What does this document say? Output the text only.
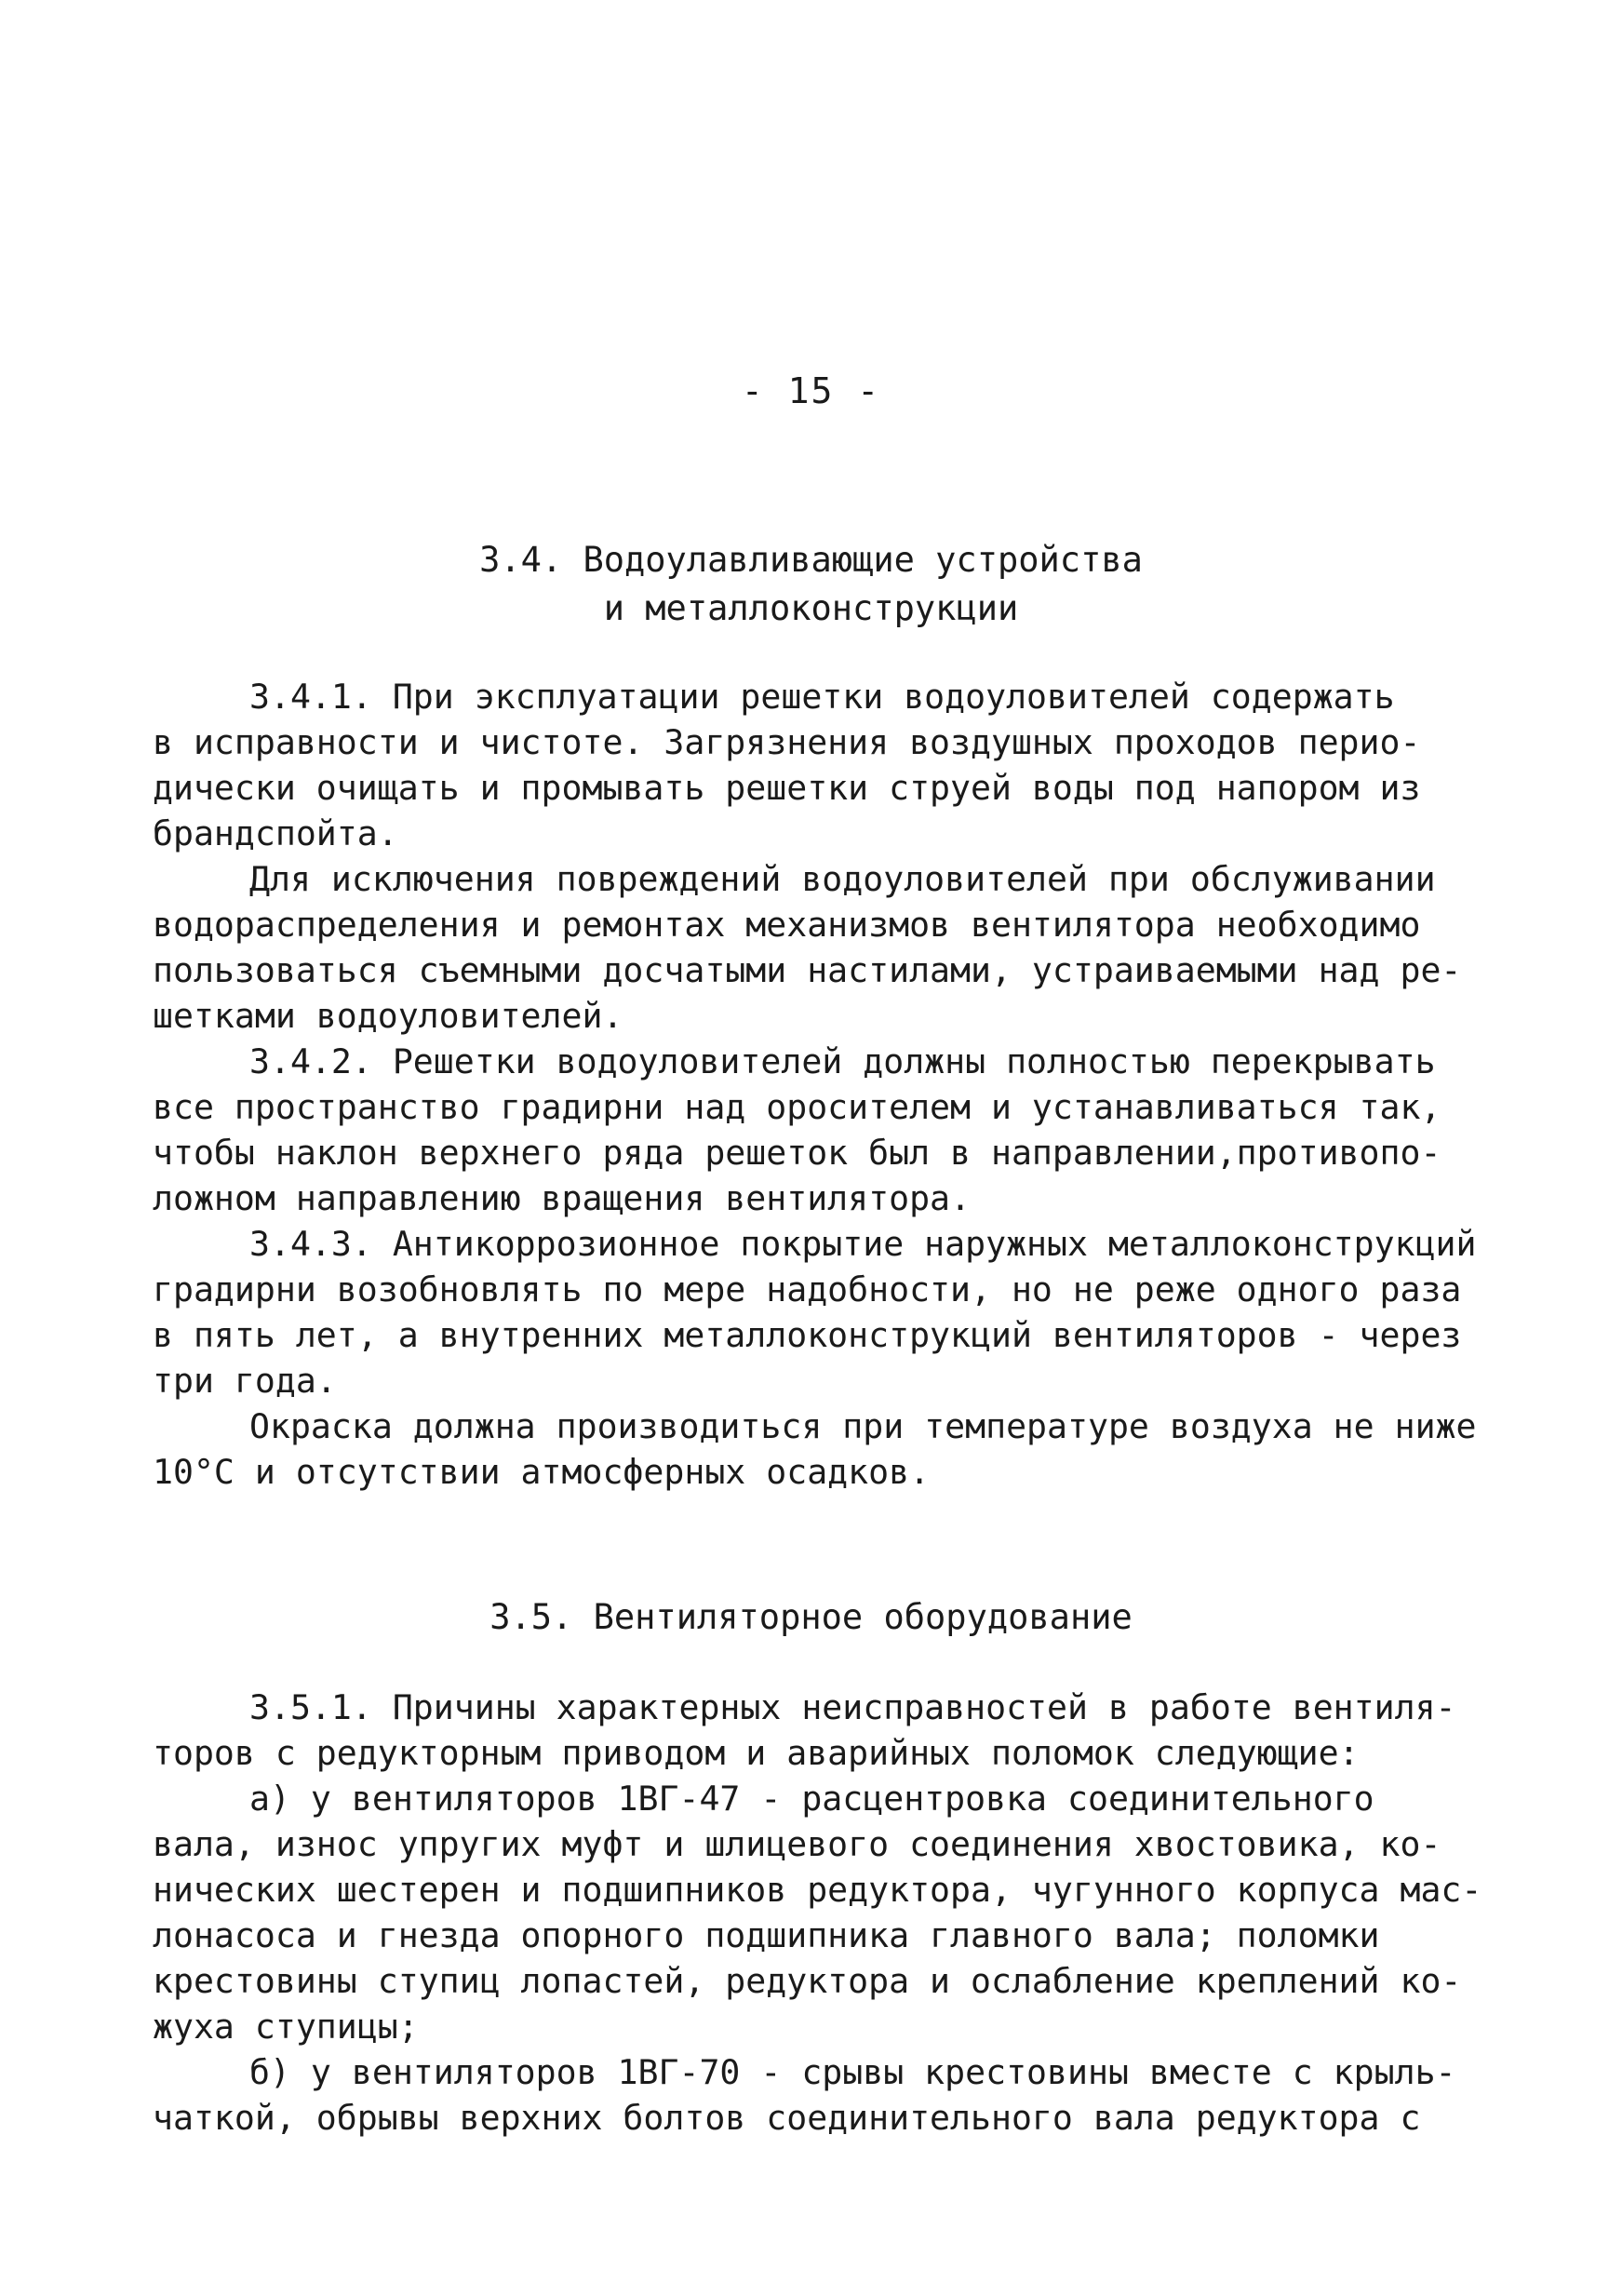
- 15 -

3.4. Водоулавливающие устройства
и металлоконструкции
3.4.1. При эксплуатации решетки водоуловителей содержать
в исправности и чистоте. Загрязнения воздушных проходов перио-
дически очищать и промывать решетки струей воды под напором из
брандспойта.
Для исключения повреждений водоуловителей при обслуживании
водораспределения и ремонтах механизмов вентилятора необходимо
пользоваться съемными досчатыми настилами, устраиваемыми над ре-
шетками водоуловителей.
3.4.2. Решетки водоуловителей должны полностью перекрывать
все пространство градирни над оросителем и устанавливаться так,
чтобы наклон верхнего ряда решеток был в направлении,противопо-
ложном направлению вращения вентилятора.
3.4.3. Антикоррозионное покрытие наружных металлоконструкций
градирни возобновлять по мере надобности, но не реже одного раза
в пять лет, а внутренних металлоконструкций вентиляторов - через
три года.
Окраска должна производиться при температуре воздуха не ниже
10°С и отсутствии атмосферных осадков.
3.5. Вентиляторное оборудование
3.5.1. Причины характерных неисправностей в работе вентиля-
торов с редукторным приводом и аварийных поломок следующие:
а) у вентиляторов 1ВГ-47 - расцентровка соединительного
вала, износ упругих муфт и шлицевого соединения хвостовика, ко-
нических шестерен и подшипников редуктора, чугунного корпуса мас-
лонасоса и гнезда опорного подшипника главного вала; поломки
крестовины ступиц лопастей, редуктора и ослабление креплений ко-
жуха ступицы;
б) у вентиляторов 1ВГ-70 - срывы крестовины вместе с крыль-
чаткой, обрывы верхних болтов соединительного вала редуктора с
